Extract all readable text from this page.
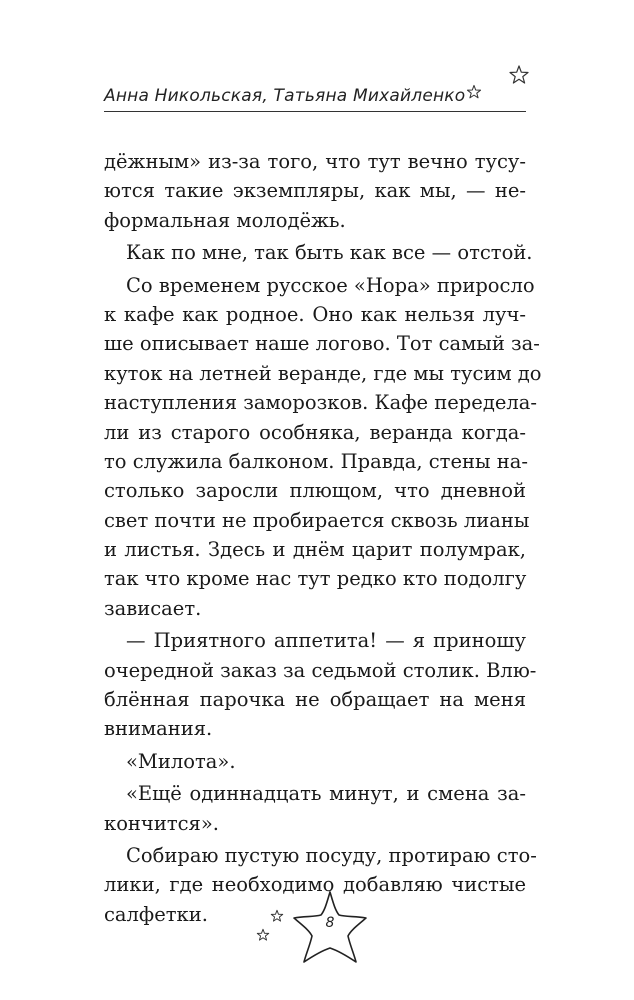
Анна Никольская, Татьяна Михайленко
дёжным» из-за того, что тут вечно тусу-
ются такие экземпляры, как мы, — не-
формальная молодёжь.
Как по мне, так быть как все — отстой.
Со временем русское «Нора» приросло
к кафе как родное. Оно как нельзя луч-
ше описывает наше логово. Тот самый за-
куток на летней веранде, где мы тусим до
наступления заморозков. Кафе передела-
ли из старого особняка, веранда когда-
то служила балконом. Правда, стены на-
столько заросли плющом, что дневной
свет почти не пробирается сквозь лианы
и листья. Здесь и днём царит полумрак,
так что кроме нас тут редко кто подолгу
зависает.
— Приятного аппетита! — я приношу
очередной заказ за седьмой столик. Влю-
блённая парочка не обращает на меня
внимания.
«Милота».
«Ещё одиннадцать минут, и смена за-
кончится».
Собираю пустую посуду, протираю сто-
лики, где необходимо добавляю чистые
салфетки.	8
